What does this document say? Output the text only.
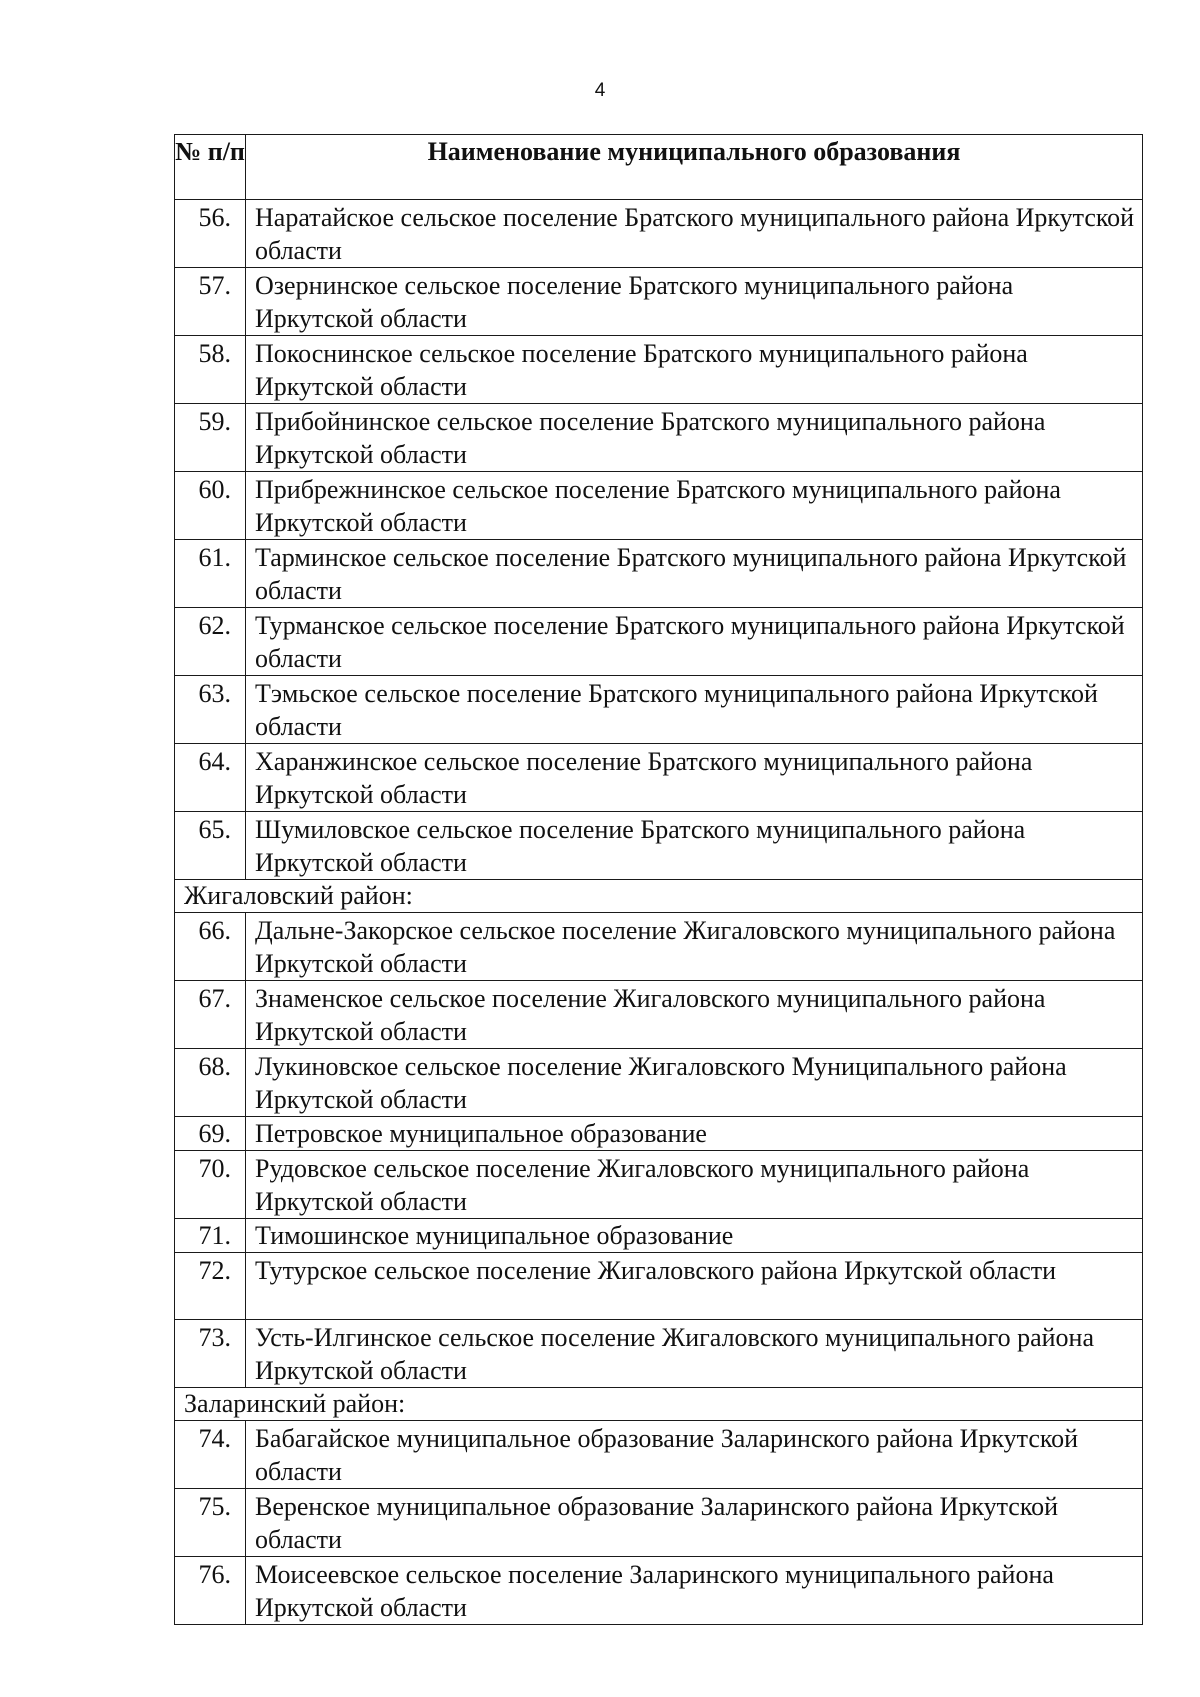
4
№ п/п	Наименование муниципального образования
56.	Наратайское сельское поселение Братского муниципального района Иркутской области
57.	Озернинское сельское поселение Братского муниципального района Иркутской области
58.	Покоснинское сельское поселение Братского муниципального района Иркутской области
59.	Прибойнинское сельское поселение Братского муниципального района Иркутской области
60.	Прибрежнинское сельское поселение Братского муниципального района Иркутской области
61.	Тарминское сельское поселение Братского муниципального района Иркутской области
62.	Турманское сельское поселение Братского муниципального района Иркутской области
63.	Тэмьское сельское поселение Братского муниципального района Иркутской области
64.	Харанжинское сельское поселение Братского муниципального района Иркутской области
65.	Шумиловское сельское поселение Братского муниципального района Иркутской области
Жигаловский район:	
66.	Дальне-Закорское сельское поселение Жигаловского муниципального района Иркутской области
67.	Знаменское сельское поселение Жигаловского муниципального района Иркутской области
68.	Лукиновское сельское поселение Жигаловского Муниципального района Иркутской области
69.	Петровское муниципальное образование
70.	Рудовское сельское поселение Жигаловского муниципального района Иркутской области
71.	Тимошинское муниципальное образование
72.	Тутурское сельское поселение Жигаловского района Иркутской области
73.	Усть-Илгинское сельское поселение Жигаловского муниципального района Иркутской области
Заларинский район:	
74.	Бабагайское муниципальное образование Заларинского района Иркутской области
75.	Веренское муниципальное образование Заларинского района Иркутской области
76.	Моисеевское сельское поселение Заларинского муниципального района Иркутской области
